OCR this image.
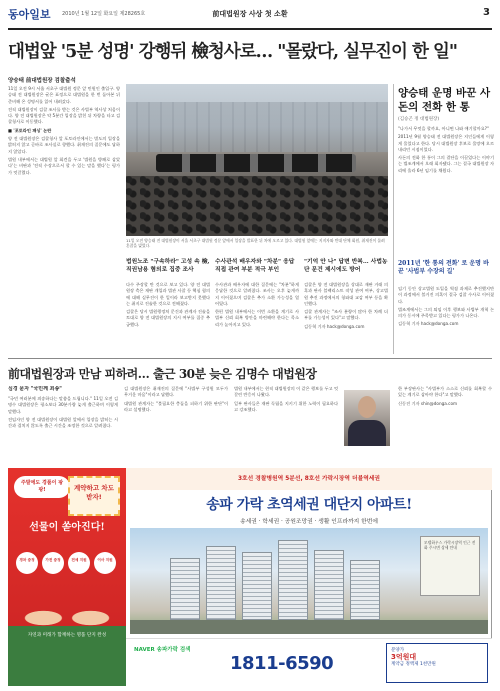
동아일보 2010년 1월 12일 화요일 제28265호	前대법원장 사상 첫 소환	3
대법앞 '5분 성명' 강행뒤 檢청사로… "몰랐다, 실무진이 한 일"
양승태 前대법원장 검찰출석

11일 오전 9시 서울 서초구 대법원 정문 앞 민원인 출입구. 양승태 전 대법원장은 굳은 표정으로 대법원을 한 번 돌아본 뒤 준비해 온 성명서를 읽어 내려갔다.

전직 대법원장이 검찰 조사를 받는 것은 사법부 역사상 처음이다. 양 전 대법원장은 약 5분간 입장을 밝힌 뒤 차량을 타고 검찰청사로 이동했다.

■ '포토라인 패싱' 논란

양 전 대법원장은 검찰청사 앞 포토라인에서는 별도의 입장을 밝히지 않고 곧바로 조사실로 향했다. 취재진의 질문에도 답하지 않았다.

법원 내부에서는 대법원 앞 회견을 두고 '법원을 방패로 삼았다'는 비판과 '전직 수장으로서 할 수 있는 말을 했다'는 평가가 엇갈렸다.

11일 오전 양승태 전 대법원장이 서울 서초구 대법원 정문 앞에서 입장을 발표한 뒤 차에 오르고 있다. 대법원 앞에는 지지자와 반대 단체 회원, 취재진이 몰려 혼잡을 빚었다.
법원노조 "구속하라" 고성 속 檢, 직권남용 혐의로 집중 조사
수사관석 배우자와 "차분" 응답 직접 관여 부분 적극 부인
"기억 안 나" 답변 반복… 사법농단 문건 제시에도 방어

다수 주장할 만 것으로 보고 있다. 양 전 대법원장 측은 재판 개입과 법관 사찰 등 핵심 혐의에 대해 실무진이 한 일이라 보고받지 못했다는 취지로 진술한 것으로 전해졌다.

검찰은 당시 법원행정처 문건과 관계자 진술을 토대로 양 전 대법원장의 지시 여부를 집중 추궁했다.

수사관과 배우자에 대한 질문에는 "차분"하게 응답한 것으로 알려졌다. 조사는 오후 늦게까지 이어졌으며 검찰은 추가 소환 가능성을 열어뒀다.

한편 법원 내부에서는 이번 소환을 계기로 사법부 신뢰 회복 방안을 마련해야 한다는 목소리가 높아지고 있다.

검찰은 양 전 대법원장을 상대로 재판 거래 의혹과 판사 블랙리스트 작성 관여 여부, 상고법원 추진 과정에서의 청와대 교감 여부 등을 확인했다.

검찰 관계자는 "조사 분량이 많아 한 차례 더 부를 가능성이 있다"고 말했다.

김동혁 기자 hack@donga.com

양승태 운명 바꾼 사돈의 전화 한 통
(김승곤 정 대법원장)

"나가서 무엇을 할까요, 아니면 나와 얘기할까요?"

2011년 9월 양승태 전 대법원장은 지인들에게 이렇게 물었다고 한다. 당시 대법원장 후보로 물망에 오르내리던 시점이었다.

사돈의 전화 한 통이 그의 결단을 이끌었다는 이야기는 법조계에서 오래 회자됐다. 그는 결국 대법원장 자리에 올라 6년 임기를 채웠다.

2011년 '한 통의 전화' 로 운명 바꾼 '사법부 수장의 길'

임기 동안 상고법원 도입을 역점 과제로 추진했지만 이 과정에서 불거진 의혹이 결국 검찰 수사로 이어졌다.

법조계에서는 그의 퇴임 이후 행보와 사법부 개혁 논의가 동시에 주목받고 있다는 평가가 나온다.

김동혁 기자 hack@donga.com

前대법원장과 만남 피하려… 출근 30분 늦은 김명수 대법원장
심경 묻자 "국민께 죄송"

"국민 여러분께 죄송하다는 말씀을 드립니다." 11일 오전 김명수 대법원장은 평소보다 30분가량 늦게 출근하며 이렇게 말했다.

전임자인 양 전 대법원장이 대법원 앞에서 입장을 밝히는 시간과 겹치지 않도록 출근 시간을 조정한 것으로 알려졌다.

김 대법원장은 취재진의 질문에 "사법부 구성원 모두가 무거운 마음"이라고 답했다.

대법원 관계자는 "불필요한 충돌을 피하기 위한 판단"이라고 설명했다.

법원 내부에서는 현직 대법원장의 이 같은 행보를 두고 엇갈린 반응이 나왔다.

일부 판사들은 재판 독립을 지키기 위한 노력이 필요하다고 강조했다.

한 부장판사는 "사법부가 스스로 신뢰를 회복할 수 있는 계기로 삼아야 한다"고 말했다.

신동진 기자 shin@donga.com

주말에도 경품이 팡팡!	계약하고 차도 받자!
선물이 쏟아진다!
경차 증정	가전 증정	전세 지원	이사 지원
3호선 경찰병원역 5분선, 8호선 가락시장역 더블역세권
송파 가락 초역세권 대단지 아파트!
송세권 · 학세권 · 공원조망권 · 생활 인프라까지 한번에
모델하우스 가락시장역 인근 전화 주시면 상세 안내
NAVER 송파가락 검색
1811-6590
분양가
3억원대
계약금 정액제 1천만원
자연과 미래가 함께하는 명품 단지 완성
